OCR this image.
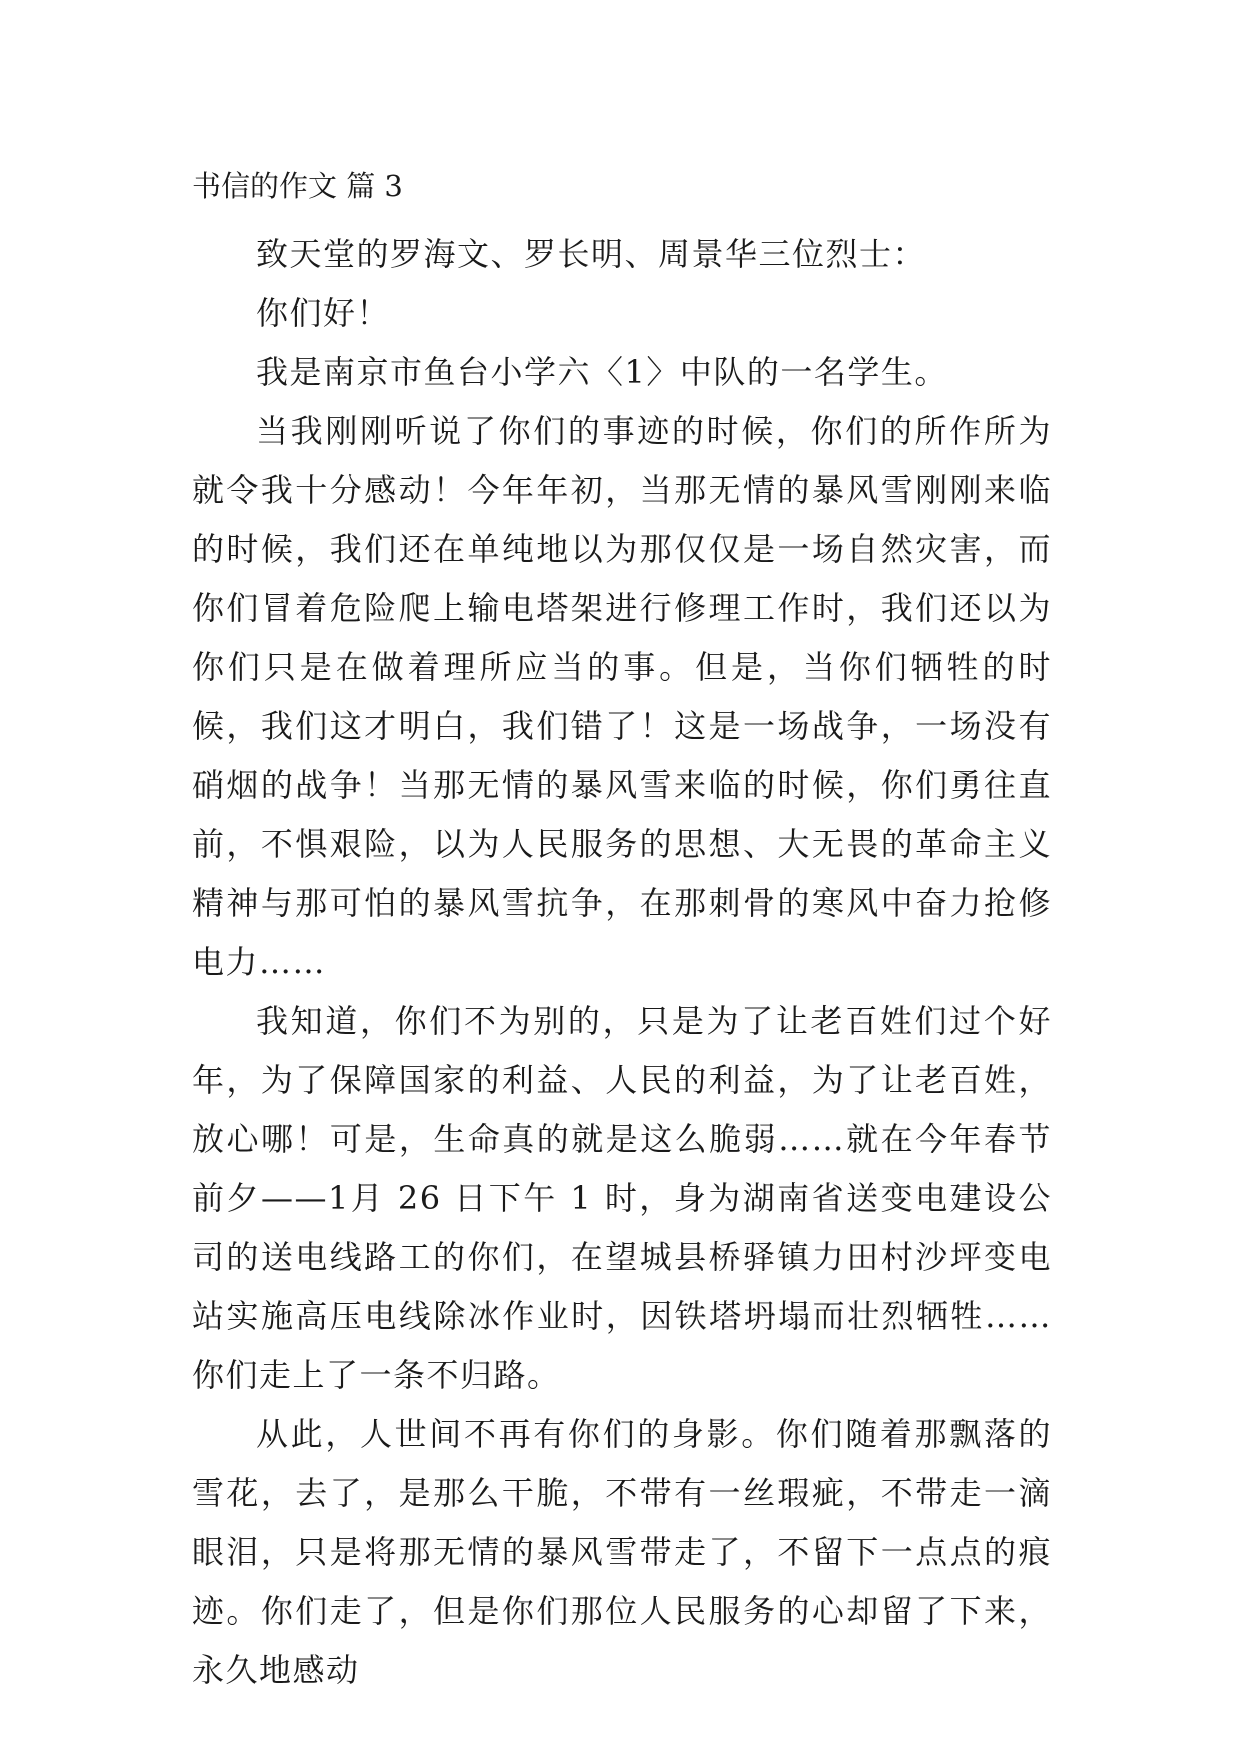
书信的作文 篇 3

致天堂的罗海文、罗长明、周景华三位烈士：

你们好！

我是南京市鱼台小学六〈1〉中队的一名学生。

当我刚刚听说了你们的事迹的时候，你们的所作所为就令我十分感动！今年年初，当那无情的暴风雪刚刚来临的时候，我们还在单纯地以为那仅仅是一场自然灾害，而你们冒着危险爬上输电塔架进行修理工作时，我们还以为你们只是在做着理所应当的事。但是，当你们牺牲的时候，我们这才明白，我们错了！这是一场战争，一场没有硝烟的战争！当那无情的暴风雪来临的时候，你们勇往直前，不惧艰险，以为人民服务的思想、大无畏的革命主义精神与那可怕的暴风雪抗争，在那刺骨的寒风中奋力抢修电力……

我知道，你们不为别的，只是为了让老百姓们过个好年，为了保障国家的利益、人民的利益，为了让老百姓，放心哪！可是，生命真的就是这么脆弱……就在今年春节前夕——1月 26 日下午 1 时，身为湖南省送变电建设公司的送电线路工的你们，在望城县桥驿镇力田村沙坪变电站实施高压电线除冰作业时，因铁塔坍塌而壮烈牺牲……你们走上了一条不归路。

从此，人世间不再有你们的身影。你们随着那飘落的雪花，去了，是那么干脆，不带有一丝瑕疵，不带走一滴眼泪，只是将那无情的暴风雪带走了，不留下一点点的痕迹。你们走了，但是你们那位人民服务的心却留了下来，永久地感动
